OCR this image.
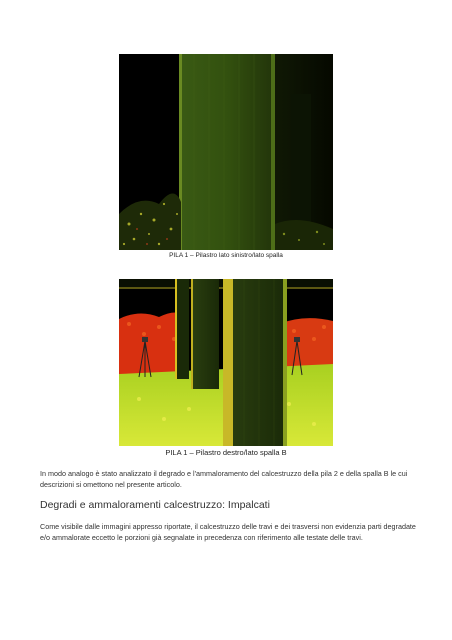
PILA 1 – Pilastro lato sinistro/lato spalla
PILA 1 – Pilastro destro/lato spalla B
In modo analogo è stato analizzato il degrado e l'ammaloramento del calcestruzzo della pila 2 e della spalla B le cui descrizioni si omettono nel presente articolo.
Degradi e ammaloramenti calcestruzzo: Impalcati
Come visibile dalle immagini appresso riportate, il calcestruzzo delle travi e dei trasversi non evidenzia parti degradate e/o ammalorate eccetto le porzioni già segnalate in precedenza con riferimento alle testate delle travi.
